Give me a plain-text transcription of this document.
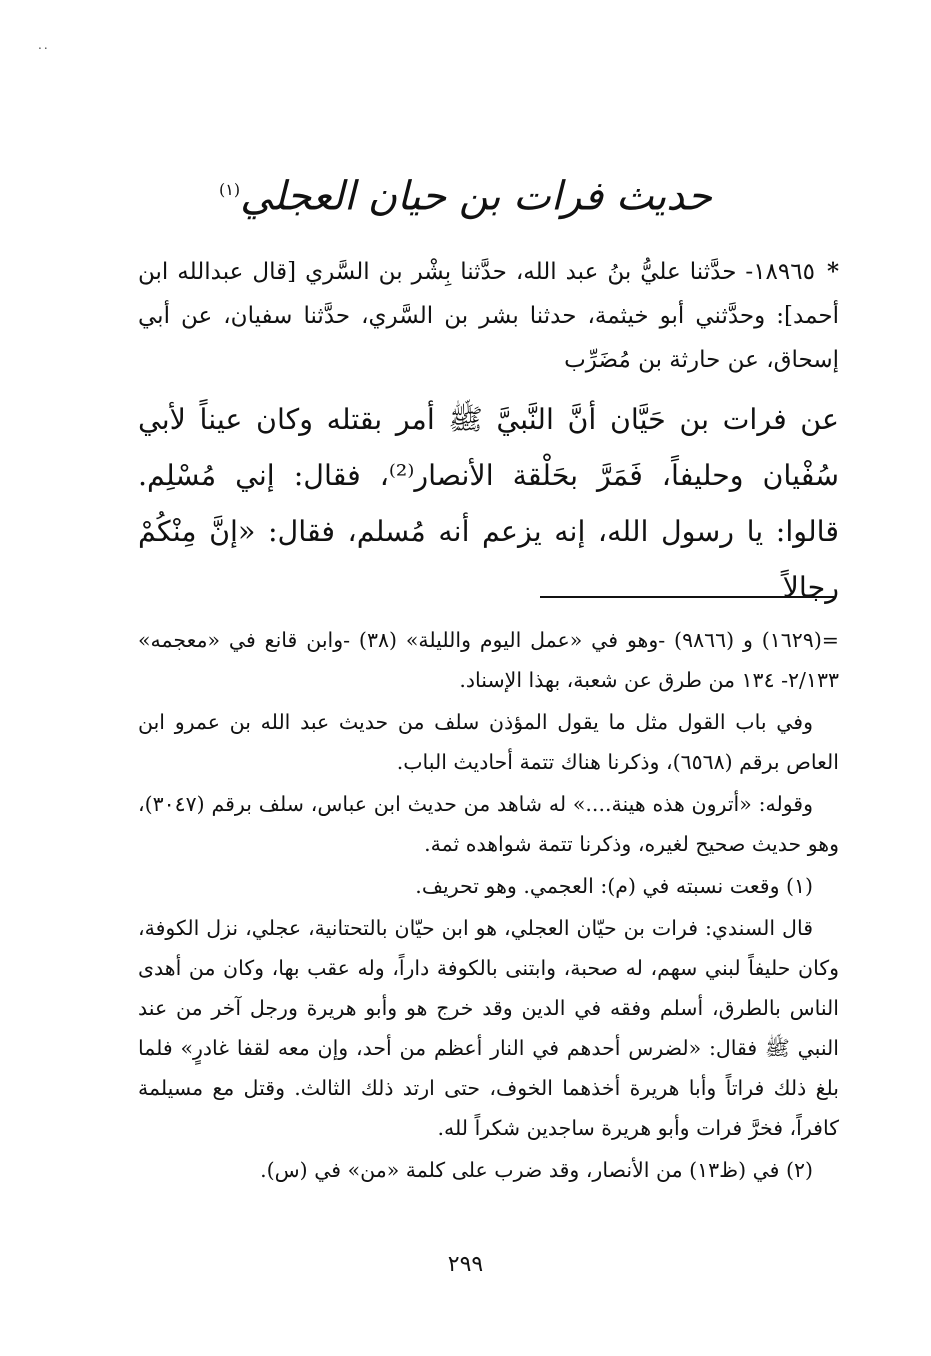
..
حديث فرات بن حيان العجلي$^{(١)}$
*١٨٩٦٥- حدَّثنا عليُّ بنُ عبد الله، حدَّثنا بِشْر بن السَّري [قال عبدالله ابن أحمد]: وحدَّثني أبو خيثمة، حدثنا بشر بن السَّري، حدَّثنا سفيان، عن أبي إسحاق، عن حارثة بن مُضَرِّب
عن فرات بن حَيَّان أنَّ النَّبيَّ ﷺ أمر بقتله وكان عيناً لأبي سُفْيان وحليفاً، فَمَرَّ بحَلْقة الأنصار⁽²⁾، فقال: إني مُسْلِم. قالوا: يا رسول الله، إنه يزعم أنه مُسلم، فقال: «إنَّ مِنْكُمْ رجالاً

=(١٦٢٩) و (٩٨٦٦) -وهو في «عمل اليوم والليلة» (٣٨) -وابن قانع في «معجمه» ٢/١٣٣- ١٣٤ من طرق عن شعبة، بهذا الإسناد.

وفي باب القول مثل ما يقول المؤذن سلف من حديث عبد الله بن عمرو ابن العاص برقم (٦٥٦٨)، وذكرنا هناك تتمة أحاديث الباب.

وقوله: «أترون هذه هينة....» له شاهد من حديث ابن عباس، سلف برقم (٣٠٤٧)، وهو حديث صحيح لغيره، وذكرنا تتمة شواهده ثمة.

(١) وقعت نسبته في (م): العجمي. وهو تحريف.

قال السندي: فرات بن حيّان العجلي، هو ابن حيّان بالتحتانية، عجلي، نزل الكوفة، وكان حليفاً لبني سهم، له صحبة، وابتنى بالكوفة داراً، وله عقب بها، وكان من أهدى الناس بالطرق، أسلم وفقه في الدين وقد خرج هو وأبو هريرة ورجل آخر من عند النبي ﷺ فقال: «لضرس أحدهم في النار أعظم من أحد، وإن معه لقفا غادرٍ» فلما بلغ ذلك فراتاً وأبا هريرة أخذهما الخوف، حتى ارتد ذلك الثالث. وقتل مع مسيلمة كافراً، فخرَّ فرات وأبو هريرة ساجدين شكراً لله.

(٢) في (ظ١٣) من الأنصار، وقد ضرب على كلمة «من» في (س).

٢٩٩
